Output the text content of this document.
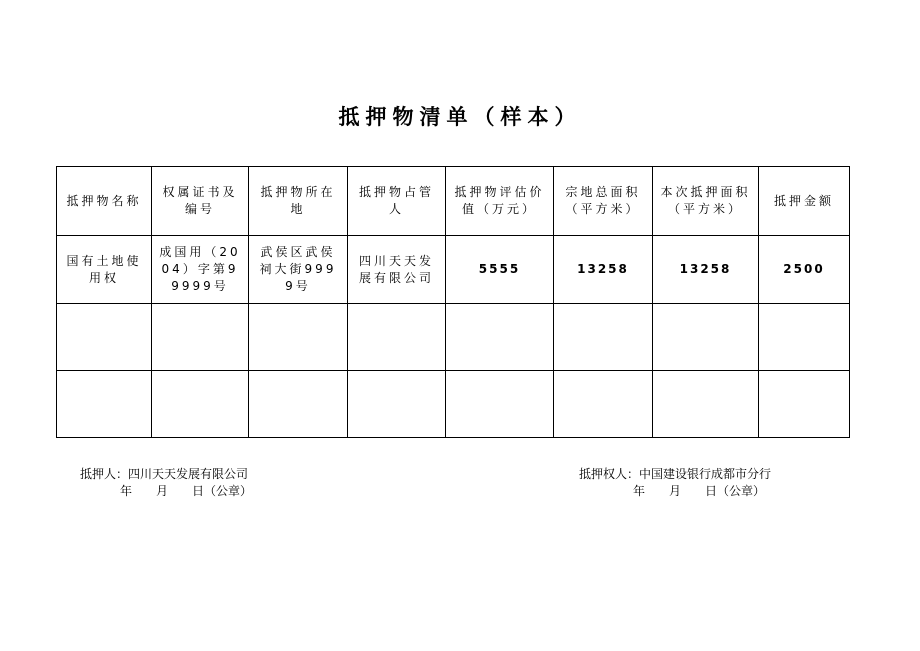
抵押物清单（样本）
抵押物名称	权属证书及编号	抵押物所在地	抵押物占管人	抵押物评估价值（万元）	宗地总面积（平方米）	本次抵押面积（平方米）	抵押金额
国有土地使用权	成国用（2004）字第99999号	武侯区武侯祠大街9999号	四川天天发展有限公司	5555	13258	13258	2500

抵押人：四川天天发展有限公司
年　　月　　日（公章）
抵押权人：中国建设银行成都市分行
年　　月　　日（公章）
